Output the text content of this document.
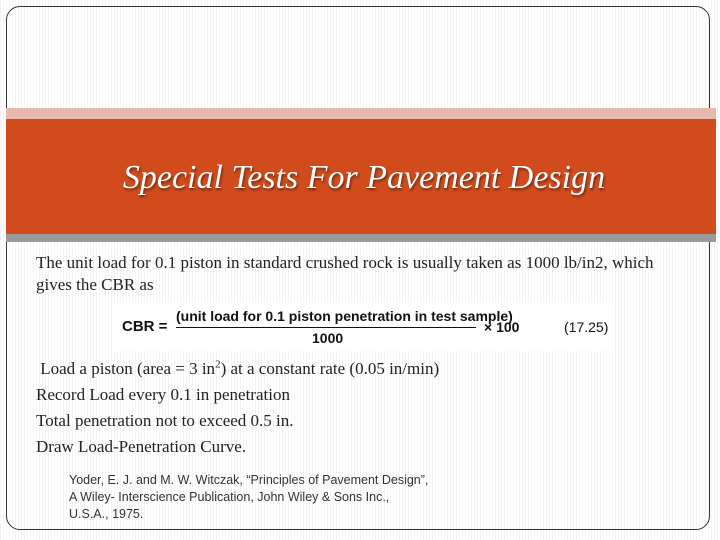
Special Tests For Pavement Design
The unit load for 0.1 piston in standard crushed rock is usually taken as 1000 lb/in2, which gives the CBR as
CBR =
(unit load for 0.1 piston penetration in test sample)
1000
× 100	(17.25)
Load a piston (area = 3 $in^2$) at a constant rate (0.05 in/min)
Record Load every 0.1 in penetration
Total penetration not to exceed 0.5 in.
Draw Load-Penetration Curve.
Yoder, E. J. and M. W. Witczak, “Principles of Pavement Design”, A Wiley- Interscience Publication, John Wiley & Sons Inc., U.S.A., 1975.
